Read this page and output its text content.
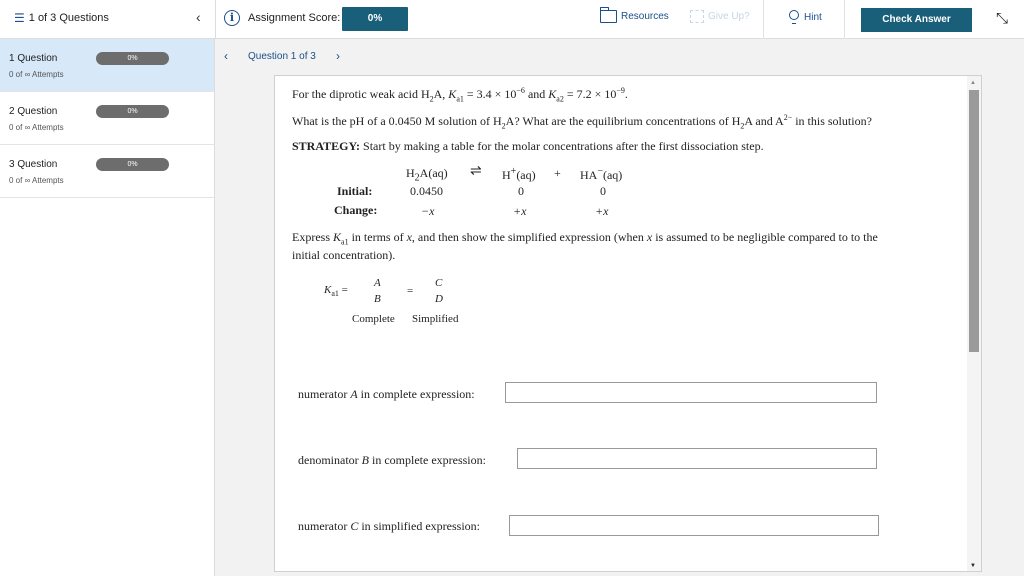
☰ 1 of 3 Questions	‹	i	Assignment Score:	0%	Resources	Give Up?	Hint	Check Answer	⤡
1 Question	0%
0 of ∞ Attempts
2 Question	0%
0 of ∞ Attempts
3 Question	0%
0 of ∞ Attempts
‹ Question 1 of 3 ›
For the diprotic weak acid $H_2A$, $K_{a1} = 3.4 \times 10^{-6}$ and $K_{a2} = 7.2 \times 10^{-9}$.
What is the pH of a 0.0450 M solution of $H_2A$? What are the equilibrium concentrations of $H_2A$ and $A^{2-}$ in this solution?
STRATEGY: Start by making a table for the molar concentrations after the first dissociation step.
$H_2A(aq)$ ⇌ H+(aq) + HA−(aq)
Initial:	0.0450	0	0
Change:	−x	+x	+x
Express $K_{a1}$ in terms of x, and then show the simplified expression (when x is assumed to be negligible compared to to the
initial concentration).
$K_{a1}$ =
A
B
=
C
D
Complete Simplified
numerator A in complete expression:
denominator B in complete expression:
numerator C in simplified expression:
▲
▼
